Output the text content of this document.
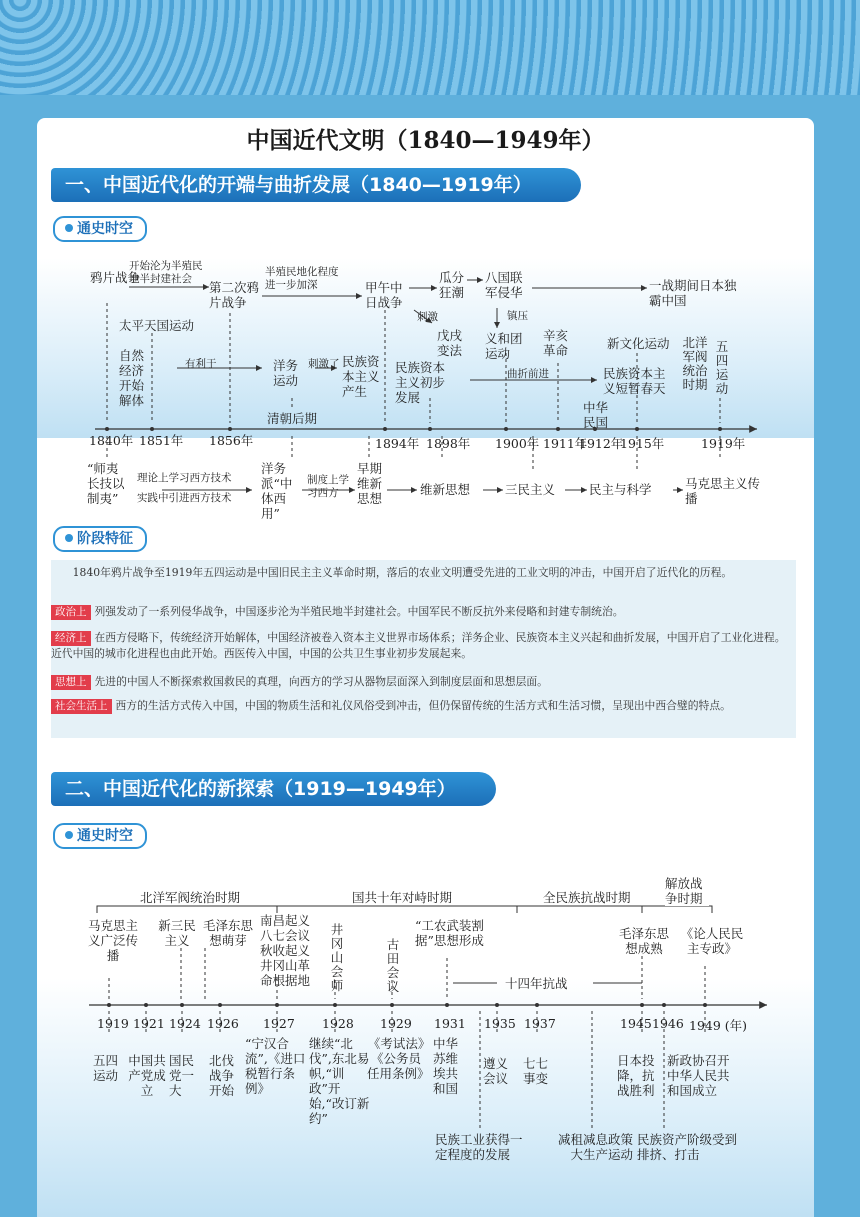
中国近代文明（1840—1949年）
一、中国近代化的开端与曲折发展（1840—1919年）
通史时空
鸦片战争
开始沦为半殖民地半封建社会
第二次鸦片战争
半殖民地化程度进一步加深	甲午中日战争
瓜分狂潮
刺激
戊戌变法
八国联军侵华
镇压
义和团运动
辛亥革命
一战期间日本独霸中国
太平天国运动
自然经济开始解体
有利于	洋务运动
刺激了 民族资本主义产生
民族资本主义初步发展
曲折前进
新文化运动
民族资本主义短暂春天
中华民国
北洋军阀统治时期
五四运动
清朝后期
1840年 1851年 1856年	1894年 1898年 1900年 1911年
1912年
1915年	1919年
“师夷长技以制夷”
理论上学习西方技术
实践中引进西方技术
洋务派“中体西用”
制度上学习西方
早期维新思想
维新思想	三民主义	民主与科学	马克思主义传播
阶段特征
1840年鸦片战争至1919年五四运动是中国旧民主主义革命时期，落后的农业文明遭受先进的工业文明的冲击，中国开启了近代化的历程。
政治上 列强发动了一系列侵华战争，中国逐步沦为半殖民地半封建社会。中国军民不断反抗外来侵略和封建专制统治。
经济上 在西方侵略下，传统经济开始解体，中国经济被卷入资本主义世界市场体系；洋务企业、民族资本主义兴起和曲折发展，中国开启了工业化进程。近代中国的城市化进程也由此开始。西医传入中国，中国的公共卫生事业初步发展起来。
思想上 先进的中国人不断探索救国救民的真理，向西方的学习从器物层面深入到制度层面和思想层面。
社会生活上 西方的生活方式传入中国，中国的物质生活和礼仪风俗受到冲击，但仍保留传统的生活方式和生活习惯，呈现出中西合璧的特点。
二、中国近代化的新探索（1919—1949年）
通史时空
北洋军阀统治时期	国共十年对峙时期	全民族抗战时期
解放战争时期
十四年抗战
马克思主义广泛传播
新三民主义
毛泽东思想萌芽
南昌起义八七会议秋收起义井冈山革命根据地
井冈山会师
古田会议
“工农武装割据”思想形成	毛泽东思想成熟
《论人民民主专政》
1919 1921 1924 1926 1927 1928 1929 1931 1935 1937	1945 1946 1949 (年)
五四运动
中国共产党成立
国民党一大
北伐战争开始
“宁汉合流”,《进口税暂行条例》
继续“北伐”,东北易帜,“训政”开始,“改订新约”
《考试法》《公务员任用条例》
中华苏维埃共和国
遵义会议
七七事变
日本投降，抗战胜利
新政协召开中华人民共和国成立
民族工业获得一定程度的发展
减租减息政策大生产运动
民族资产阶级受到排挤、打击
